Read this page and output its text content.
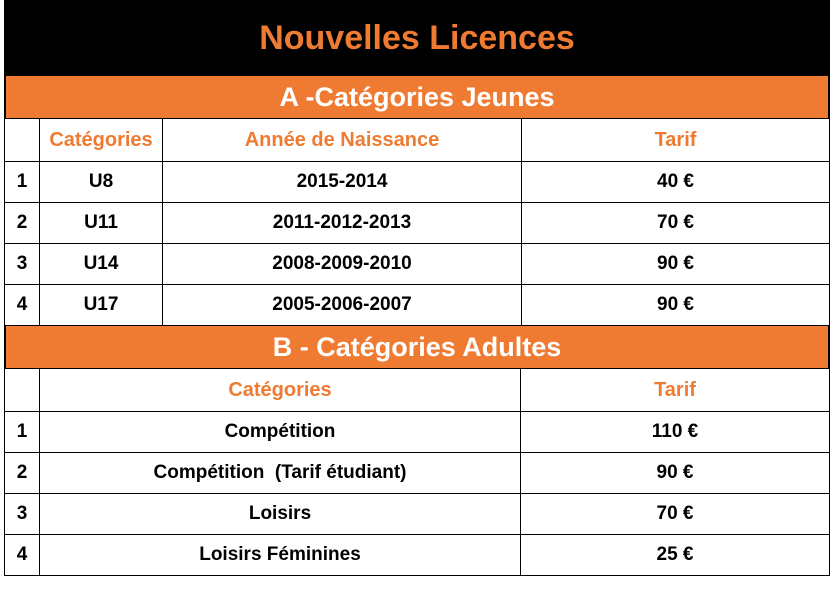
Nouvelles Licences
A -Catégories Jeunes
	Catégories	Année de Naissance	Tarif
1	U8	2015-2014	40 €
2	U11	2011-2012-2013	70 €
3	U14	2008-2009-2010	90 €
4	U17	2005-2006-2007	90 €
B - Catégories Adultes
	Catégories	Tarif
1	Compétition	110 €
2	Compétition  (Tarif étudiant)	90 €
3	Loisirs	70 €
4	Loisirs Féminines	25 €
